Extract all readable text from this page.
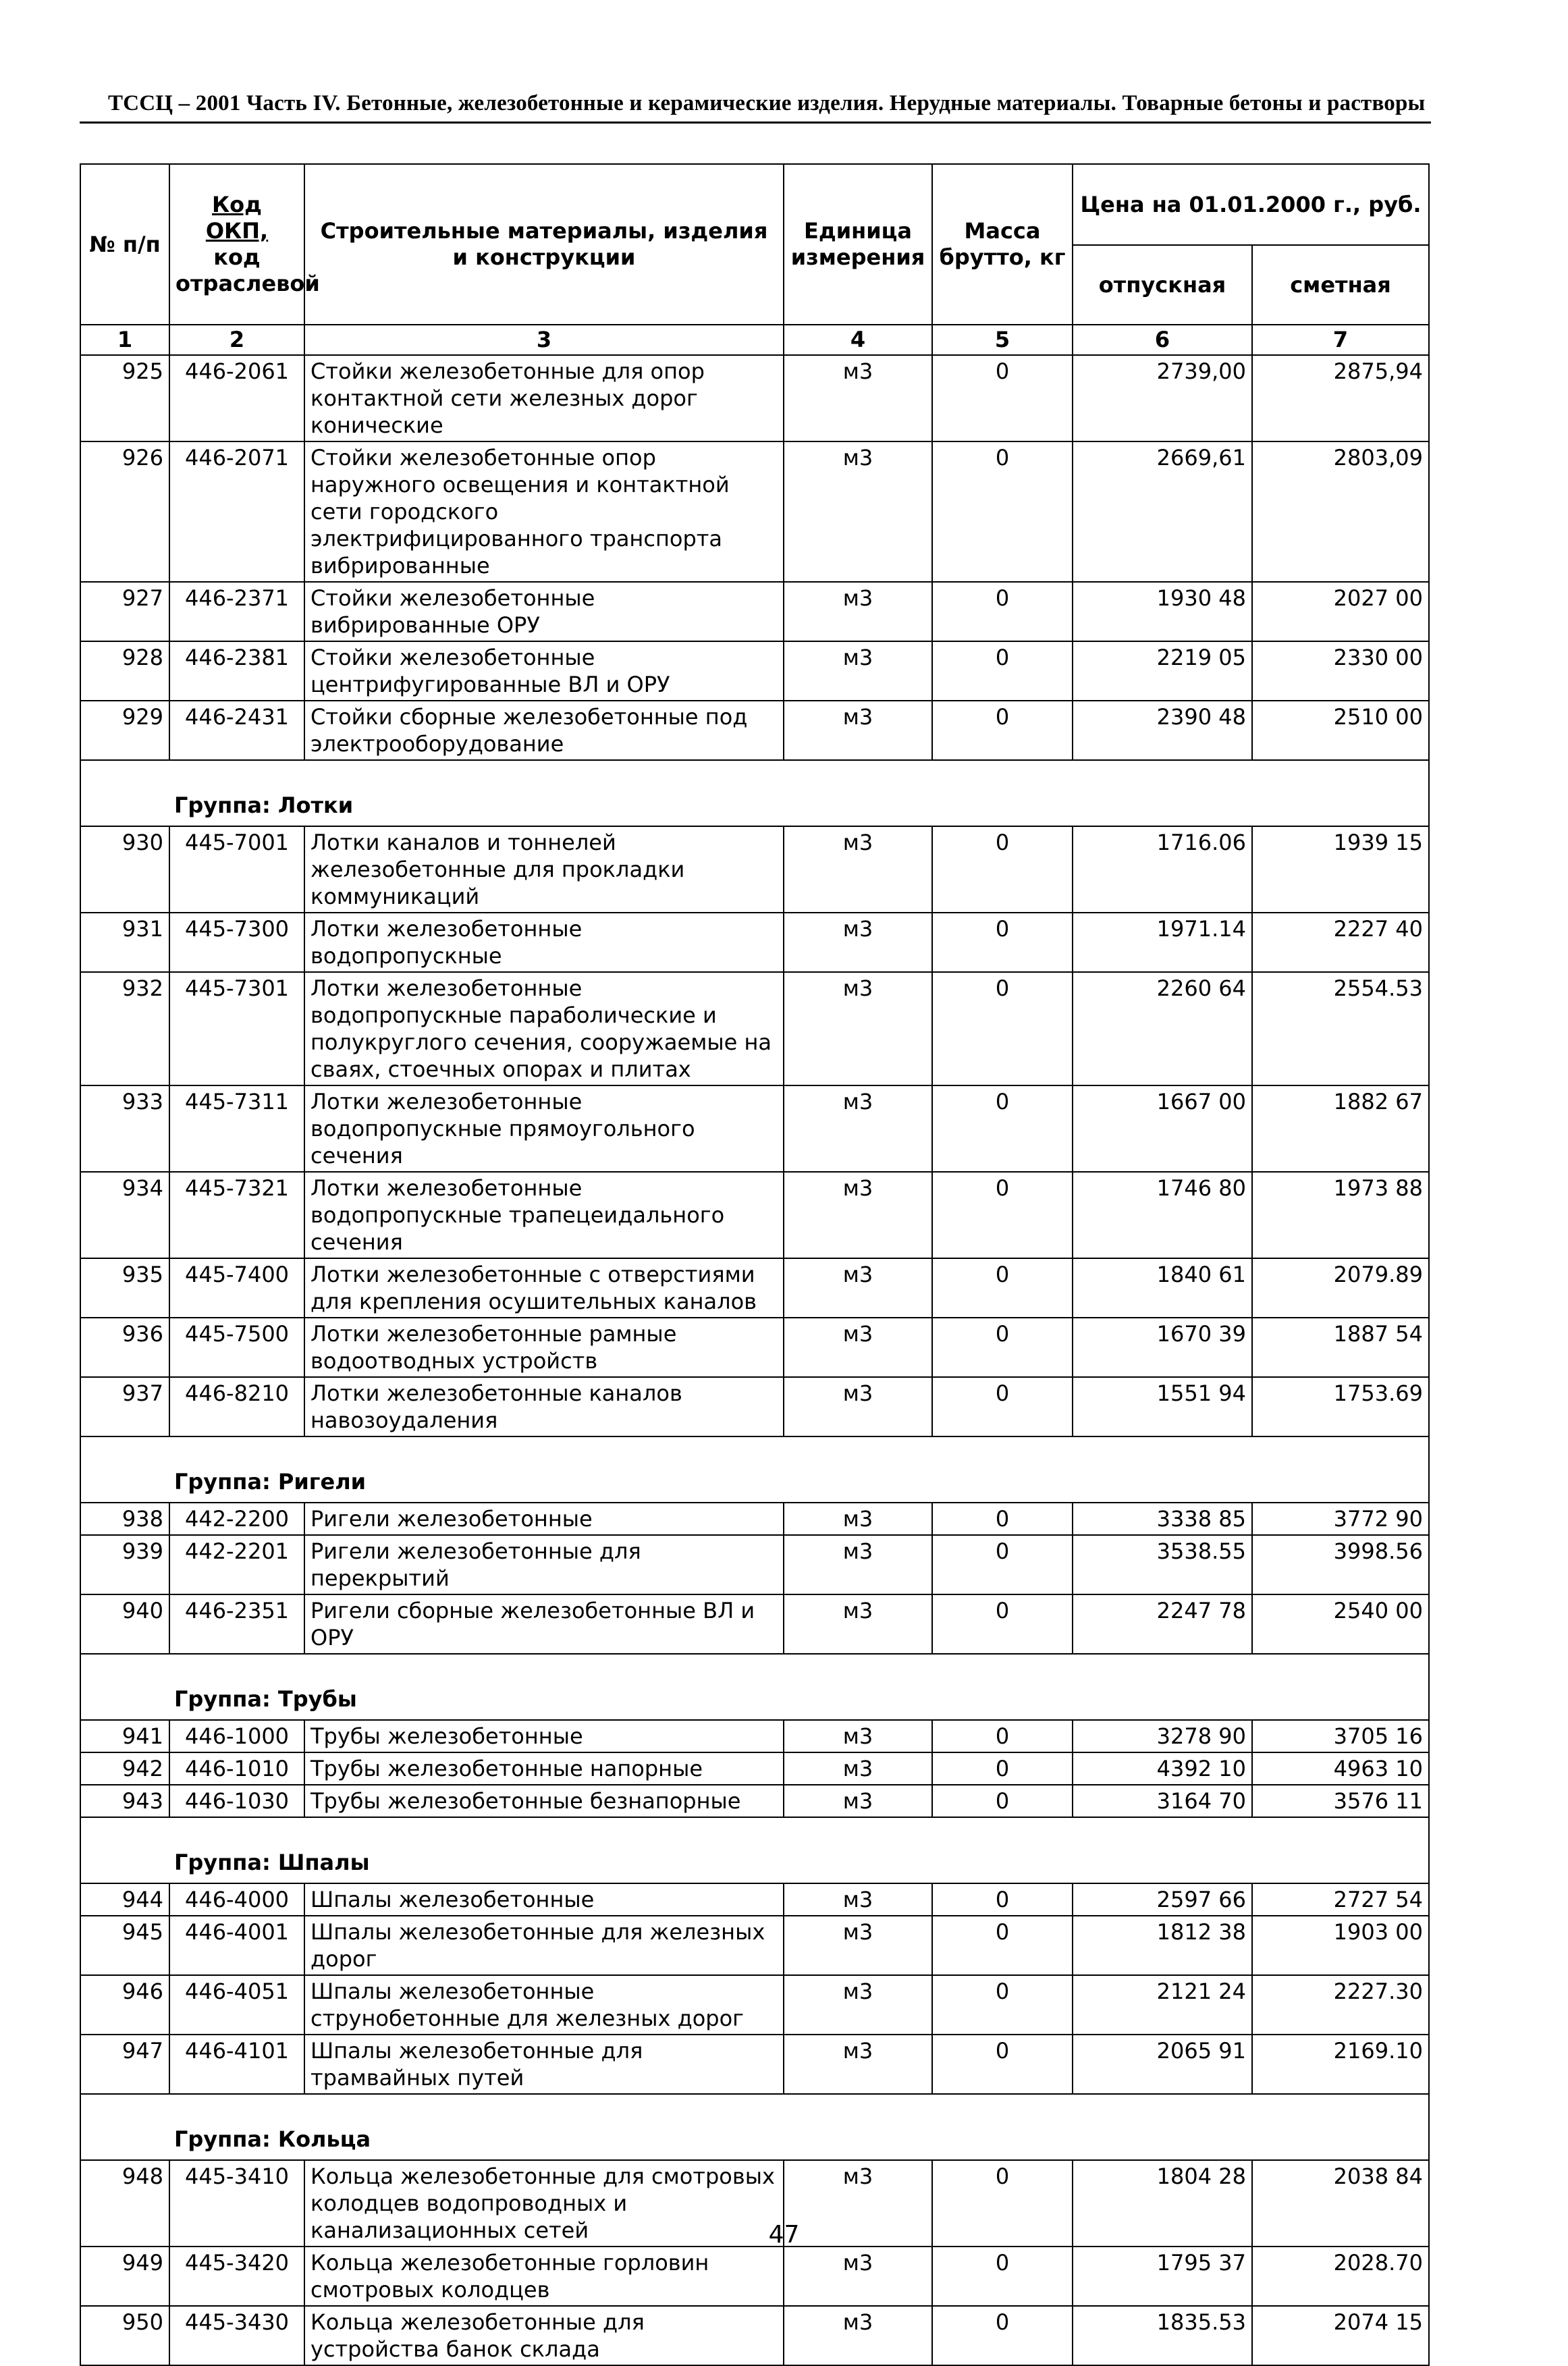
ТССЦ – 2001 Часть IV. Бетонные, железобетонные и керамические изделия. Нерудные материалы. Товарные бетоны и растворы
№ п/п	Код
ОКП,
код отраслевой	Строительные материалы, изделия и конструкции	Единица измерения	Масса брутто, кг	Цена на 01.01.2000 г., руб.	
					отпускная	сметная
1	2	3	4	5	6	7
925	446-2061	Стойки железобетонные для опор контактной сети железных дорог конические	м3	0	2739,00	2875,94
926	446-2071	Стойки железобетонные опор наружного освещения и контактной сети городского электрифицированного транспорта вибрированные	м3	0	2669,61	2803,09
927	446-2371	Стойки железобетонные вибрированные ОРУ	м3	0	1930 48	2027 00
928	446-2381	Стойки железобетонные центрифугированные ВЛ и ОРУ	м3	0	2219 05	2330 00
929	446-2431	Стойки сборные железобетонные под электрооборудование	м3	0	2390 48	2510 00
Группа: Лотки						
930	445-7001	Лотки каналов и тоннелей железобетонные для прокладки коммуникаций	м3	0	1716.06	1939 15
931	445-7300	Лотки железобетонные водопропускные	м3	0	1971.14	2227 40
932	445-7301	Лотки железобетонные водопропускные параболические и полукруглого сечения, сооружаемые на сваях, стоечных опорах и плитах	м3	0	2260 64	2554.53
933	445-7311	Лотки железобетонные водопропускные прямоугольного сечения	м3	0	1667 00	1882 67
934	445-7321	Лотки железобетонные водопропускные трапецеидального сечения	м3	0	1746 80	1973 88
935	445-7400	Лотки железобетонные с отверстиями для крепления осушительных каналов	м3	0	1840 61	2079.89
936	445-7500	Лотки железобетонные рамные водоотводных устройств	м3	0	1670 39	1887 54
937	446-8210	Лотки железобетонные каналов навозоудаления	м3	0	1551 94	1753.69
Группа: Ригели						
938	442-2200	Ригели железобетонные	м3	0	3338 85	3772 90
939	442-2201	Ригели железобетонные для перекрытий	м3	0	3538.55	3998.56
940	446-2351	Ригели сборные железобетонные ВЛ и ОРУ	м3	0	2247 78	2540 00
Группа: Трубы						
941	446-1000	Трубы железобетонные	м3	0	3278 90	3705 16
942	446-1010	Трубы железобетонные напорные	м3	0	4392 10	4963 10
943	446-1030	Трубы железобетонные безнапорные	м3	0	3164 70	3576 11
Группа: Шпалы						
944	446-4000	Шпалы железобетонные	м3	0	2597 66	2727 54
945	446-4001	Шпалы железобетонные для железных дорог	м3	0	1812 38	1903 00
946	446-4051	Шпалы железобетонные струнобетонные для железных дорог	м3	0	2121 24	2227.30
947	446-4101	Шпалы железобетонные для трамвайных путей	м3	0	2065 91	2169.10
Группа: Кольца						
948	445-3410	Кольца железобетонные для смотровых колодцев водопроводных и канализационных сетей	м3	0	1804 28	2038 84
949	445-3420	Кольца железобетонные горловин смотровых колодцев	м3	0	1795 37	2028.70
950	445-3430	Кольца железобетонные для устройства банок склада	м3	0	1835.53	2074 15
47
